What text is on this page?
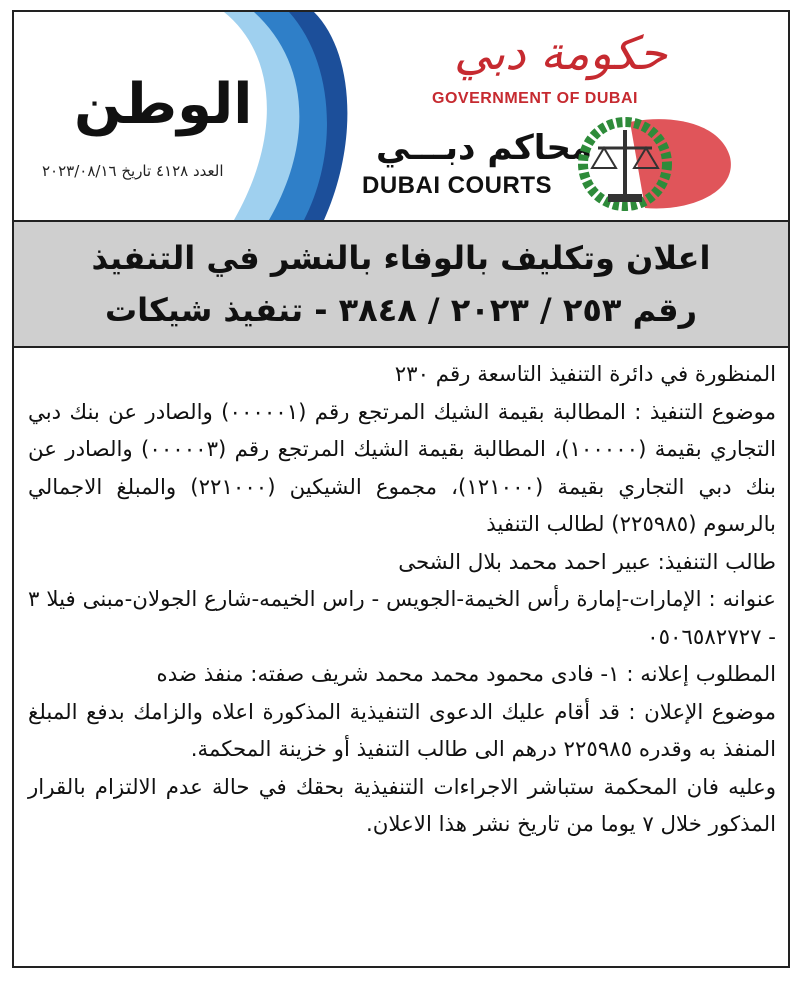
الوطن
العدد ٤١٢٨ تاريخ ٢٠٢٣/٠٨/١٦
حكومة دبي
GOVERNMENT OF DUBAI
محاكم دبـــي
DUBAI COURTS
اعلان وتكليف بالوفاء بالنشر في التنفيذ
رقم ٢٥٣ / ٢٠٢٣ / ٣٨٤٨ - تنفيذ شيكات

المنظورة في دائرة التنفيذ التاسعة رقم ٢٣٠

موضوع التنفيذ : المطالبة بقيمة الشيك المرتجع رقم (٠٠٠٠٠١) والصادر عن بنك دبي التجاري بقيمة (١٠٠٠٠٠)، المطالبة بقيمة الشيك المرتجع رقم (٠٠٠٠٠٣) والصادر عن بنك دبي التجاري بقيمة (١٢١٠٠٠)، مجموع الشيكين (٢٢١٠٠٠) والمبلغ الاجمالي بالرسوم (٢٢٥٩٨٥) لطالب التنفيذ

طالب التنفيذ: عبير احمد محمد بلال الشحى

عنوانه : الإمارات-إمارة رأس الخيمة-الجويس - راس الخيمه-شارع الجولان-مبنى فيلا ٣ - ٠٥٠٦٥٨٢٧٢٧

المطلوب إعلانه : ١- فادى محمود محمد محمد شريف صفته: منفذ ضده

موضوع الإعلان : قد أقام عليك الدعوى التنفيذية المذكورة اعلاه والزامك بدفع المبلغ المنفذ به وقدره ٢٢٥٩٨٥ درهم الى طالب التنفيذ أو خزينة المحكمة.

وعليه فان المحكمة ستباشر الاجراءات التنفيذية بحقك في حالة عدم الالتزام بالقرار المذكور خلال ٧ يوما من تاريخ نشر هذا الاعلان.
